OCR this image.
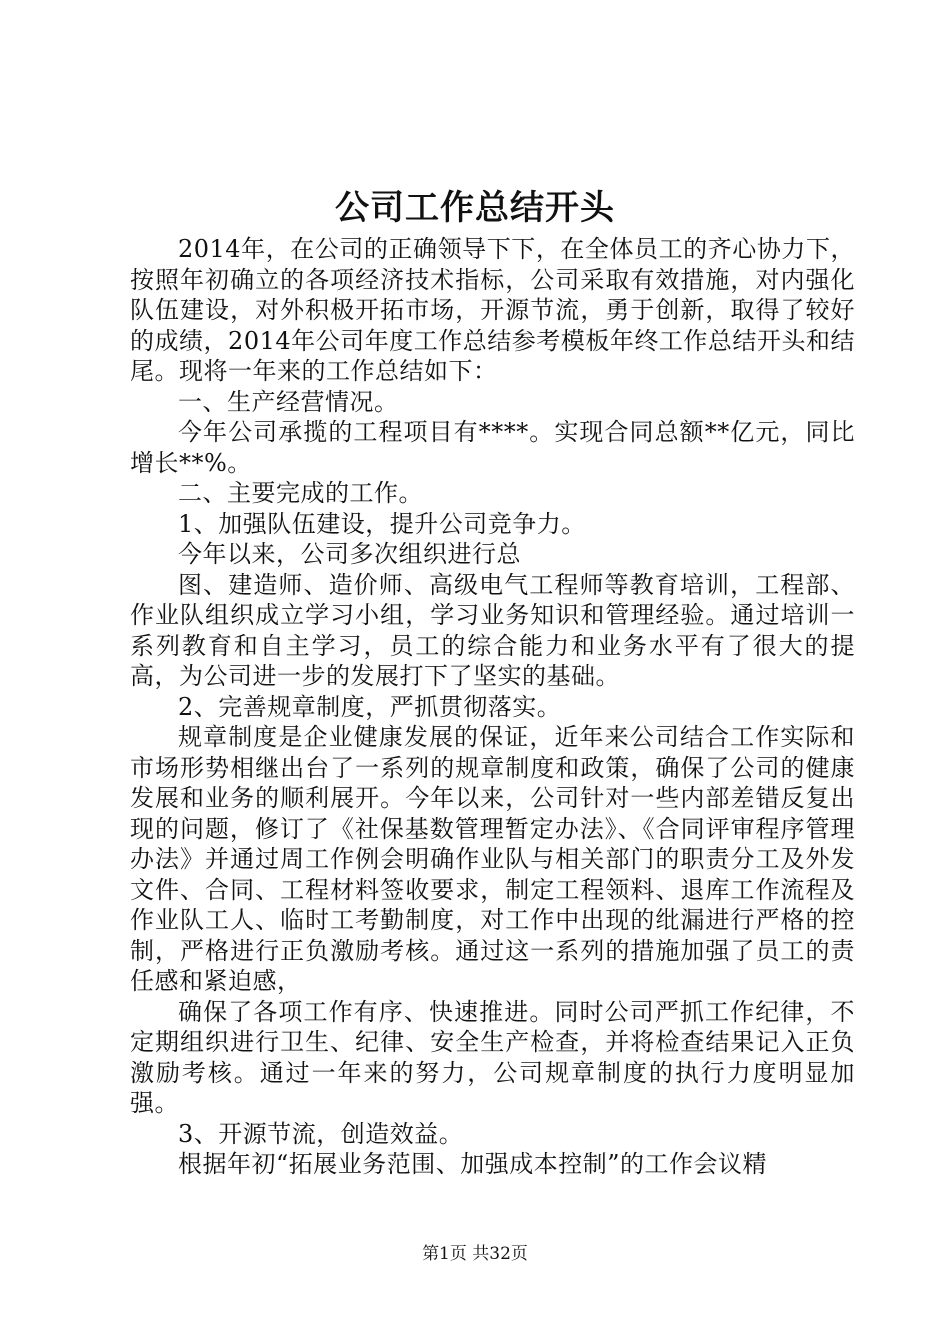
公司工作总结开头

2014年，在公司的正确领导下下，在全体员工的齐心协力下，按照年初确立的各项经济技术指标，公司采取有效措施，对内强化队伍建设，对外积极开拓市场，开源节流，勇于创新，取得了较好的成绩，2014年公司年度工作总结参考模板年终工作总结开头和结尾。现将一年来的工作总结如下：

一、生产经营情况。

今年公司承揽的工程项目有****。实现合同总额**亿元，同比增长**%。

二、主要完成的工作。

1、加强队伍建设，提升公司竞争力。

今年以来，公司多次组织进行总

图、建造师、造价师、高级电气工程师等教育培训，工程部、作业队组织成立学习小组，学习业务知识和管理经验。通过培训一系列教育和自主学习，员工的综合能力和业务水平有了很大的提高，为公司进一步的发展打下了坚实的基础。

2、完善规章制度，严抓贯彻落实。

规章制度是企业健康发展的保证，近年来公司结合工作实际和市场形势相继出台了一系列的规章制度和政策，确保了公司的健康发展和业务的顺利展开。今年以来，公司针对一些内部差错反复出现的问题，修订了《社保基数管理暂定办法》、《合同评审程序管理办法》并通过周工作例会明确作业队与相关部门的职责分工及外发文件、合同、工程材料签收要求，制定工程领料、退库工作流程及作业队工人、临时工考勤制度，对工作中出现的纰漏进行严格的控制，严格进行正负激励考核。通过这一系列的措施加强了员工的责任感和紧迫感，

确保了各项工作有序、快速推进。同时公司严抓工作纪律，不定期组织进行卫生、纪律、安全生产检查，并将检查结果记入正负激励考核。通过一年来的努力，公司规章制度的执行力度明显加强。

3、开源节流，创造效益。

根据年初“拓展业务范围、加强成本控制”的工作会议精

第1页 共32页
